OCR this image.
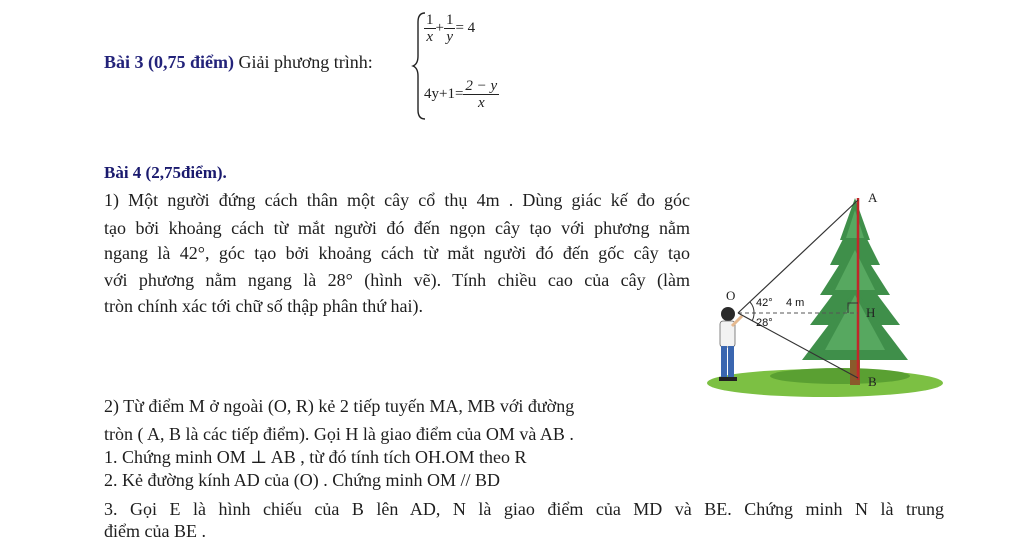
Bài 3 (0,75 điểm) Giải phương trình:
$\frac{1}{x} + \frac{1}{y} = 4$
$4y+1= \frac{2 - y}{x}$
Bài 4 (2,75điểm).
1) Một người đứng cách thân một cây cổ thụ 4m . Dùng giác kế đo góc
tạo bởi khoảng cách từ mắt người đó đến ngọn cây tạo với phương nằm
ngang là 42°, góc tạo bởi khoảng cách từ mắt người đó đến gốc cây tạo
với phương nằm ngang là 28° (hình vẽ). Tính chiều cao của cây (làm
tròn chính xác tới chữ số thập phân thứ hai).
A
O
H
B
42°
28°
4 m
2) Từ điểm M ở ngoài (O, R) kẻ 2 tiếp tuyến MA, MB với đường
tròn ( A, B là các tiếp điểm). Gọi H là giao điểm của OM và AB .
1. Chứng minh OM ⊥ AB , từ đó tính tích OH.OM theo R
2. Kẻ đường kính AD của (O) . Chứng minh OM // BD
3. Gọi E là hình chiếu của B lên AD, N là giao điểm của MD và BE. Chứng minh N là trung
điểm của BE .
